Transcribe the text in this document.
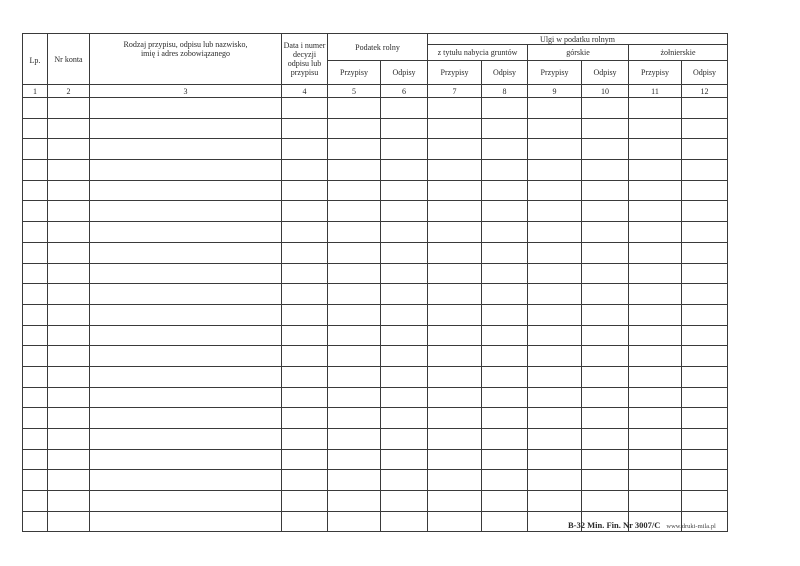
Lp.	Nr konta	Rodzaj przypisu, odpisu lub nazwisko, imię i adres zobowiązanego	Data i numer decyzji odpisu lub przypisu	Podatek rolny		Ulgi w podatku rolnym					
						z tytułu nabycia gruntów		górskie		żołnierskie	
				Przypisy	Odpisy	Przypisy	Odpisy	Przypisy	Odpisy	Przypisy	Odpisy
1	2	3	4	5	6	7	8	9	10	11	12

B-32 Min. Fin. Nr 3007/C www.druki-mila.pl
